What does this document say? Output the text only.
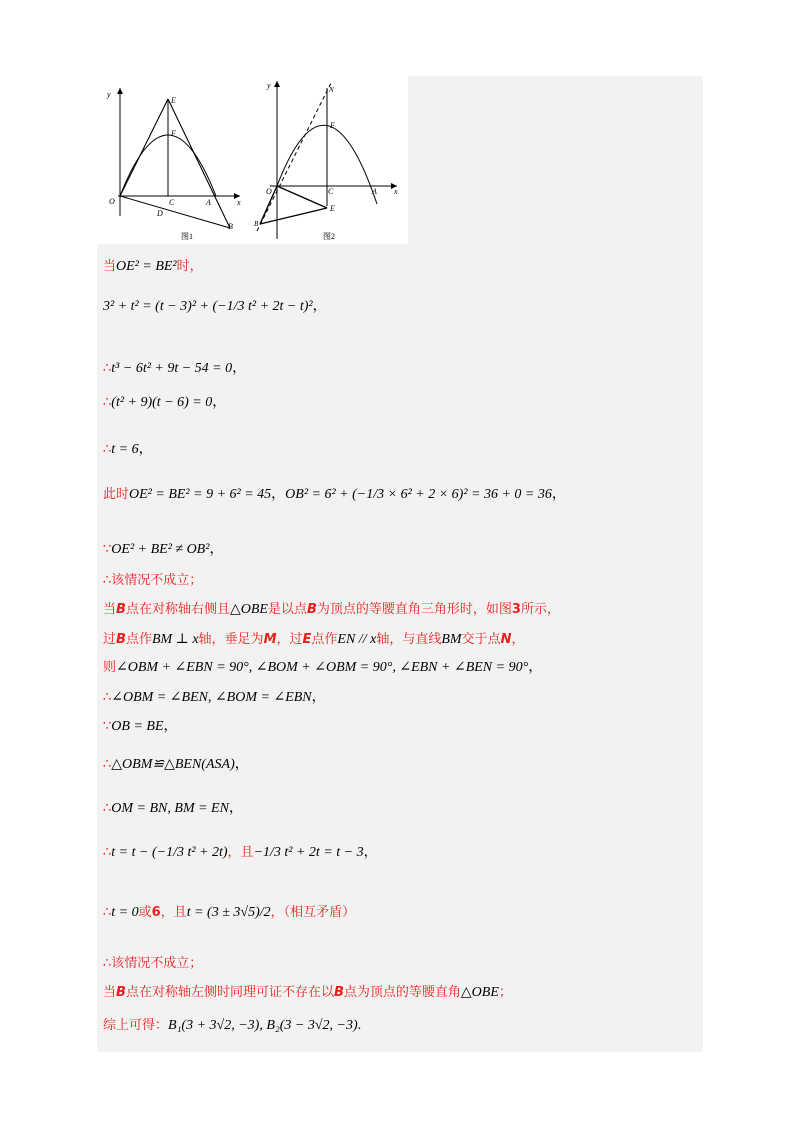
y
x
O
E
F
C	A
D
B
图1
y
x
O
F
C	A
E
N
B
图2
当OE² = BE²时，
3² + t² = (t − 3)² + (−1/3 t² + 2t − t)²，
∴t³ − 6t² + 9t − 54 = 0，
∴(t² + 9)(t − 6) = 0，
∴t = 6，
此时OE² = BE² = 9 + 6² = 45，OB² = 6² + (−1/3 × 6² + 2 × 6)² = 36 + 0 = 36，
∵OE² + BE² ≠ OB²，
∴该情况不成立；
当B点在对称轴右侧且△OBE是以点B为顶点的等腰直角三角形时，如图3所示，
过B点作BM ⊥ x轴，垂足为M，过E点作EN // x轴，与直线BM交于点N，
则∠OBM + ∠EBN = 90°, ∠BOM + ∠OBM = 90°, ∠EBN + ∠BEN = 90°，
∴∠OBM = ∠BEN, ∠BOM = ∠EBN，
∵OB = BE，
∴△OBM≌△BEN(ASA)，
∴OM = BN, BM = EN，
∴t = t − (−1/3 t² + 2t)，且−1/3 t² + 2t = t − 3，
∴t = 0或6，且t = (3 ± 3√5)/2，（相互矛盾）
∴该情况不成立；
当B点在对称轴左侧时同理可证不存在以B点为顶点的等腰直角△OBE；
综上可得：B₁(3 + 3√2, −3), B₂(3 − 3√2, −3).
